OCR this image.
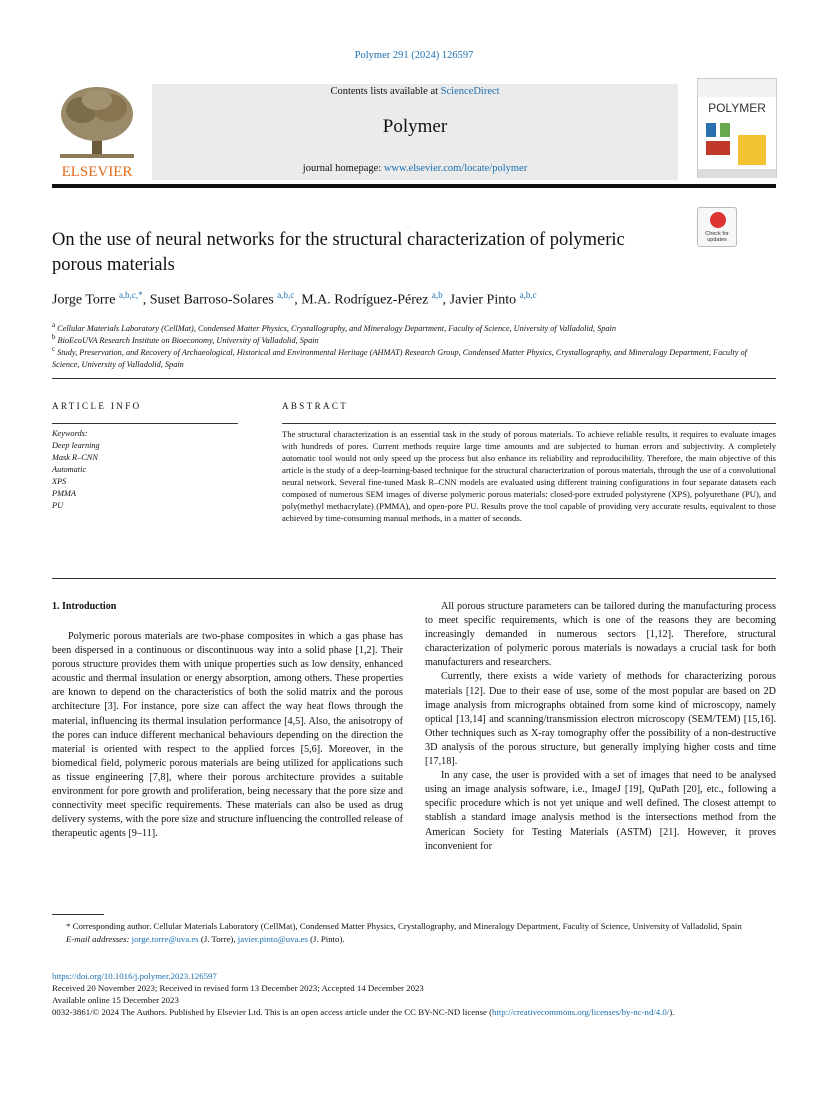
Polymer 291 (2024) 126597
ELSEVIER
Contents lists available at ScienceDirect
Polymer
journal homepage: www.elsevier.com/locate/polymer
POLYMER
Check for updates
On the use of neural networks for the structural characterization of polymeric porous materials
Jorge Torre $^{a,b,c,*}$, Suset Barroso-Solares $^{a,b,c}$, M.A. Rodríguez-Pérez $^{a,b}$, Javier Pinto $^{a,b,c}$
$^a$ Cellular Materials Laboratory (CellMat), Condensed Matter Physics, Crystallography, and Mineralogy Department, Faculty of Science, University of Valladolid, Spain
$^b$ BioEcoUVA Research Institute on Bioeconomy, University of Valladolid, Spain
$^c$ Study, Preservation, and Recovery of Archaeological, Historical and Environmental Heritage (AHMAT) Research Group, Condensed Matter Physics, Crystallography, and Mineralogy Department, Faculty of Science, University of Valladolid, Spain
ARTICLE INFO	ABSTRACT
Keywords:
Deep learning
Mask R–CNN
Automatic
XPS
PMMA
PU
The structural characterization is an essential task in the study of porous materials. To achieve reliable results, it requires to evaluate images with hundreds of pores. Current methods require large time amounts and are subjected to human errors and subjectivity. A completely automatic tool would not only speed up the process but also enhance its reliability and reproducibility. Therefore, the main objective of this article is the study of a deep-learning-based technique for the structural characterization of porous materials, through the use of a convolutional neural network. Several fine-tuned Mask R–CNN models are evaluated using different training configurations in four separate datasets each composed of numerous SEM images of diverse polymeric porous materials: closed-pore extruded polystyrene (XPS), polyurethane (PU), and poly(methyl methacrylate) (PMMA), and open-pore PU. Results prove the tool capable of providing very accurate results, equivalent to those achieved by time-consuming manual methods, in a matter of seconds.
1. Introduction

Polymeric porous materials are two-phase composites in which a gas phase has been dispersed in a continuous or discontinuous way into a solid phase [1,2]. Their porous structure provides them with unique properties such as low density, enhanced acoustic and thermal insulation or energy absorption, among others. These properties are known to depend on the characteristics of both the solid matrix and the porous architecture [3]. For instance, pore size can affect the way heat flows through the material, influencing its thermal insulation performance [4,5]. Also, the anisotropy of the pores can induce different mechanical behaviours depending on the direction the material is oriented with respect to the applied forces [5,6]. Moreover, in the biomedical field, polymeric porous materials are being utilized for applications such as tissue engineering [7,8], where their porous architecture provides a suitable environment for pore growth and proliferation, being necessary that the pore size and connectivity meet specific requirements. These materials can also be used as drug delivery systems, with the pore size and structure influencing the controlled release of therapeutic agents [9–11].

All porous structure parameters can be tailored during the manufacturing process to meet specific requirements, which is one of the reasons they are becoming increasingly demanded in numerous sectors [1,12]. Therefore, structural characterization of polymeric porous materials is nowadays a crucial task for both manufacturers and researchers.

Currently, there exists a wide variety of methods for characterizing porous materials [12]. Due to their ease of use, some of the most popular are based on 2D image analysis from micrographs obtained from some kind of microscopy, namely optical [13,14] and scanning/transmission electron microscopy (SEM/TEM) [15,16]. Other techniques such as X-ray tomography offer the possibility of a non-destructive 3D analysis of the porous structure, but generally implying higher costs and time [17,18].

In any case, the user is provided with a set of images that need to be analysed using an image analysis software, i.e., ImageJ [19], QuPath [20], etc., following a specific procedure which is not yet unique and well defined. The closest attempt to stablish a standard image analysis method is the intersections method from the American Society for Testing Materials (ASTM) [21]. However, it proves inconvenient for

* Corresponding author. Cellular Materials Laboratory (CellMat), Condensed Matter Physics, Crystallography, and Mineralogy Department, Faculty of Science, University of Valladolid, Spain

E-mail addresses: jorge.torre@uva.es (J. Torre), javier.pinto@uva.es (J. Pinto).

https://doi.org/10.1016/j.polymer.2023.126597
Received 20 November 2023; Received in revised form 13 December 2023; Accepted 14 December 2023
Available online 15 December 2023
0032-3861/© 2024 The Authors. Published by Elsevier Ltd. This is an open access article under the CC BY-NC-ND license (http://creativecommons.org/licenses/by-nc-nd/4.0/).
